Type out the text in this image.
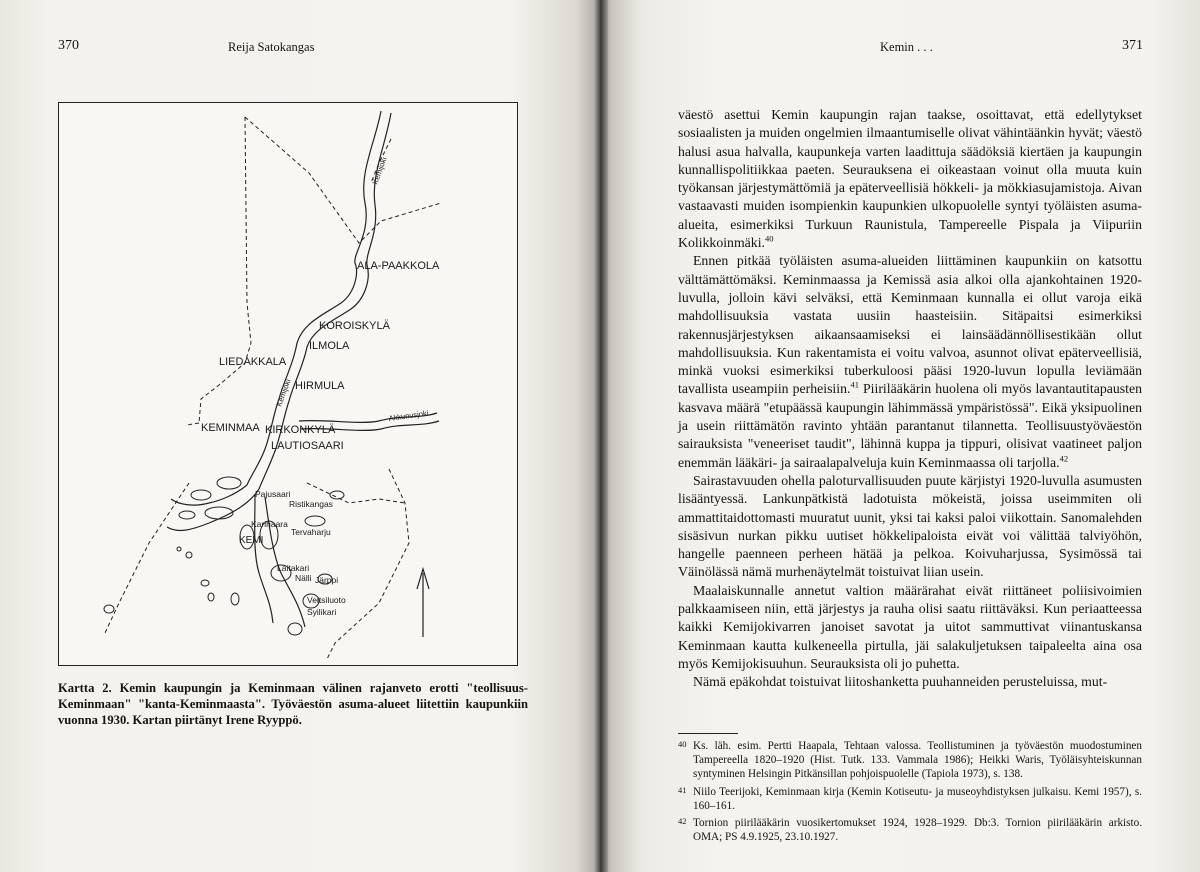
370	Reija Satokangas
ALA-PAAKKOLA
KOROISKYLÄ
ILMOLA
LIEDAKKALA
HIRMULA
KEMINMAA KIRKONKYLÄ
LAUTIOSAARI
Pajusaari
Ristikangas
Karihaara
Tervaharju
KEMI
Laitakari
Nälli Järppi
Veitsiluoto
Syilikari
Kemijoki
Akkunusjoki
Kemijoki
Kartta 2. Kemin kaupungin ja Keminmaan välinen rajanveto erotti "teollisuus-Keminmaan" "kanta-Keminmaasta". Työväestön asuma-alueet liitettiin kaupunkiin vuonna 1930. Kartan piirtänyt Irene Ryyppö.
Kemin . . .	371

väestö asettui Kemin kaupungin rajan taakse, osoittavat, että edellytykset sosiaalisten ja muiden ongelmien ilmaantumiselle olivat vähintäänkin hyvät; väestö halusi asua halvalla, kaupunkeja varten laadittuja säädöksiä kiertäen ja kaupungin kunnallispolitiikkaa paeten. Seurauksena ei oikeastaan voinut olla muuta kuin työkansan järjestymättömiä ja epäterveellisiä hökkeli- ja mökkiasujamistoja. Aivan vastaavasti muiden isompienkin kaupunkien ulkopuolelle syntyi työläisten asuma-alueita, esimerkiksi Turkuun Raunistula, Tampereelle Pispala ja Viipuriin Kolikkoinmäki.$^{40}$

Ennen pitkää työläisten asuma-alueiden liittäminen kaupunkiin on katsottu välttämättömäksi. Keminmaassa ja Kemissä asia alkoi olla ajankohtainen 1920-luvulla, jolloin kävi selväksi, että Keminmaan kunnalla ei ollut varoja eikä mahdollisuuksia vastata uusiin haasteisiin. Sitäpaitsi esimerkiksi rakennusjärjestyksen aikaansaamiseksi ei lainsäädännöllisestikään ollut mahdollisuuksia. Kun rakentamista ei voitu valvoa, asunnot olivat epäterveellisiä, minkä vuoksi esimerkiksi tuberkuloosi pääsi 1920-luvun lopulla leviämään tavallista useampiin perheisiin.$^{41}$ Piirilääkärin huolena oli myös lavantautitapausten kasvava määrä "etupäässä kaupungin lähimmässä ympäristössä". Eikä yksipuolinen ja usein riittämätön ravinto yhtään parantanut tilannetta. Teollisuustyöväestön sairauksista "veneeriset taudit", lähinnä kuppa ja tippuri, olisivat vaatineet paljon enemmän lääkäri- ja sairaalapalveluja kuin Keminmaassa oli tarjolla.$^{42}$

Sairastavuuden ohella paloturvallisuuden puute kärjistyi 1920-luvulla asumusten lisääntyessä. Lankunpätkistä ladotuista mökeistä, joissa useimmiten oli ammattitaidottomasti muuratut uunit, yksi tai kaksi paloi viikottain. Sanomalehden sisäsivun nurkan pikku uutiset hökkelipaloista eivät voi välittää talviyöhön, hangelle paenneen perheen hätää ja pelkoa. Koivuharjussa, Sysimössä tai Väinölässä nämä murhenäytelmät toistuivat liian usein.

Maalaiskunnalle annetut valtion määrärahat eivät riittäneet poliisivoimien palkkaamiseen niin, että järjestys ja rauha olisi saatu riittäväksi. Kun periaatteessa kaikki Kemijokivarren janoiset savotat ja uitot sammuttivat viinantuskansa Keminmaan kautta kulkeneella pirtulla, jäi salakuljetuksen taipaleelta aina osa myös Kemijokisuuhun. Seurauksista oli jo puhetta.

Nämä epäkohdat toistuivat liitoshanketta puuhanneiden perusteluissa, mut-

40 Ks. läh. esim. Pertti Haapala, Tehtaan valossa. Teollistuminen ja työväestön muodostuminen Tampereella 1820–1920 (Hist. Tutk. 133. Vammala 1986); Heikki Waris, Työläisyhteiskunnan syntyminen Helsingin Pitkänsillan pohjoispuolelle (Tapiola 1973), s. 138.
41 Niilo Teerijoki, Keminmaan kirja (Kemin Kotiseutu- ja museoyhdistyksen julkaisu. Kemi 1957), s. 160–161.
42 Tornion piirilääkärin vuosikertomukset 1924, 1928–1929. Db:3. Tornion piirilääkärin arkisto. OMA; PS 4.9.1925, 23.10.1927.
